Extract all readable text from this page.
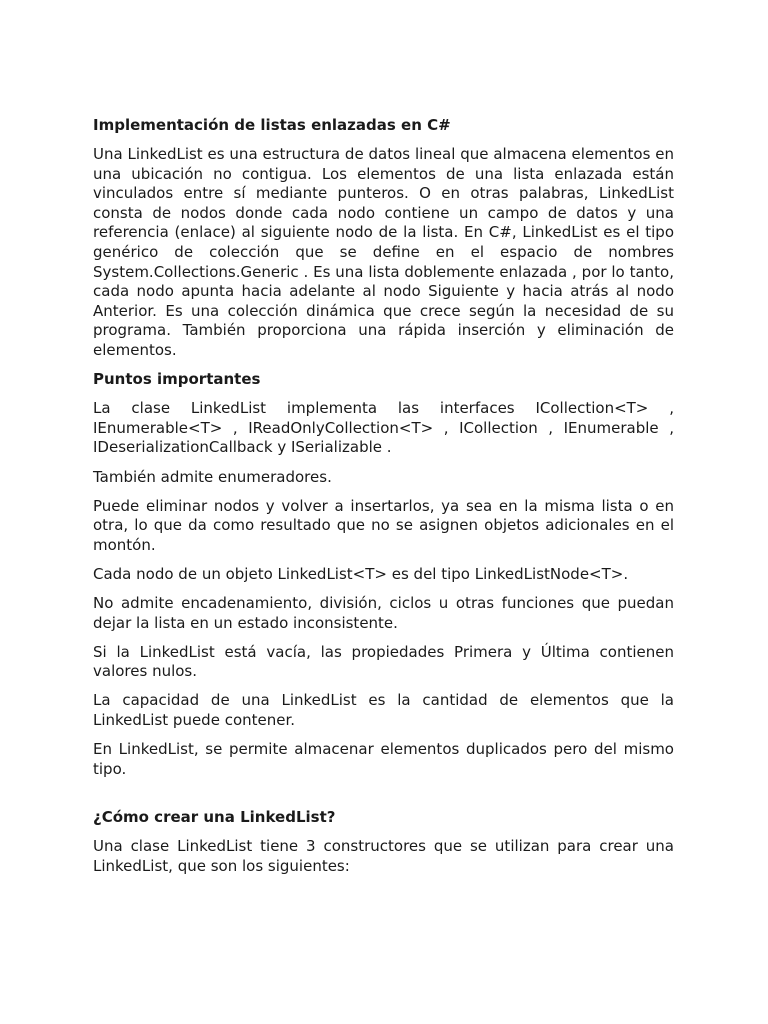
Implementación de listas enlazadas en C#

Una LinkedList es una estructura de datos lineal que almacena elementos en una ubicación no contigua. Los elementos de una lista enlazada están vinculados entre sí mediante punteros. O en otras palabras, LinkedList consta de nodos donde cada nodo contiene un campo de datos y una referencia (enlace) al siguiente nodo de la lista. En C#, LinkedList es el tipo genérico de colección que se define en el espacio de nombres System.Collections.Generic . Es una lista doblemente enlazada , por lo tanto, cada nodo apunta hacia adelante al nodo Siguiente y hacia atrás al nodo Anterior. Es una colección dinámica que crece según la necesidad de su programa. También proporciona una rápida inserción y eliminación de elementos.

Puntos importantes

La clase LinkedList implementa las interfaces ICollection<T> , IEnumerable<T> , IReadOnlyCollection<T> , ICollection , IEnumerable , IDeserializationCallback y ISerializable .

También admite enumeradores.

Puede eliminar nodos y volver a insertarlos, ya sea en la misma lista o en otra, lo que da como resultado que no se asignen objetos adicionales en el montón.

Cada nodo de un objeto LinkedList<T> es del tipo LinkedListNode<T>.

No admite encadenamiento, división, ciclos u otras funciones que puedan dejar la lista en un estado inconsistente.

Si la LinkedList está vacía, las propiedades Primera y Última contienen valores nulos.

La capacidad de una LinkedList es la cantidad de elementos que la LinkedList puede contener.

En LinkedList, se permite almacenar elementos duplicados pero del mismo tipo.

¿Cómo crear una LinkedList?

Una clase LinkedList tiene 3 constructores que se utilizan para crear una LinkedList, que son los siguientes:
